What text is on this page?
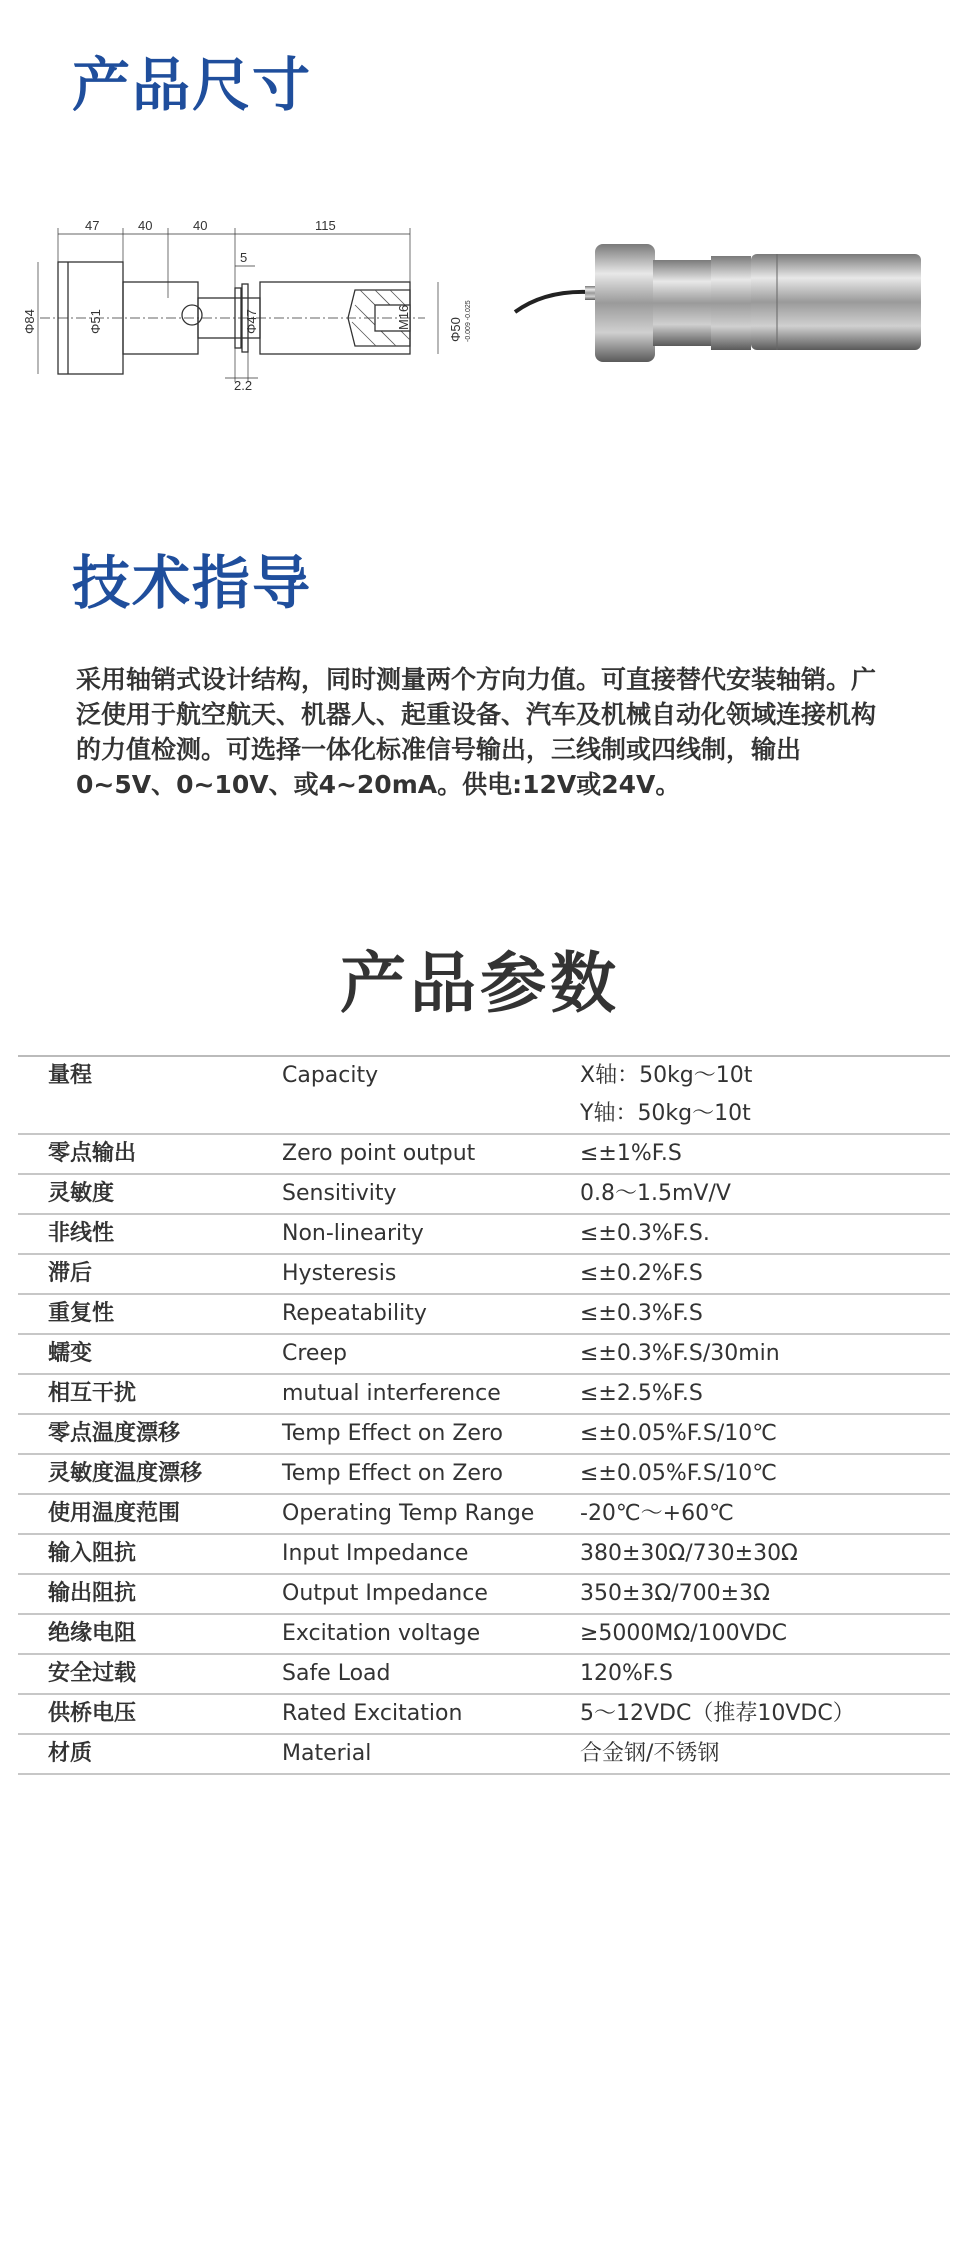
产品尺寸
47	40	40	115
5
2.2
Φ84	Φ51	Φ47	M16	Φ50 -0.009 -0.025
技术指导

采用轴销式设计结构，同时测量两个方向力值。可直接替代安装轴销。广泛使用于航空航天、机器人、起重设备、汽车及机械自动化领域连接机构的力值检测。可选择一体化标准信号输出，三线制或四线制，输出0~5V、0~10V、或4~20mA。供电:12V或24V。

产品参数
量程	Capacity	X轴：50kg～10t
Y轴：50kg～10t
零点输出	Zero point output	≤±1%F.S
灵敏度	Sensitivity	0.8～1.5mV/V
非线性	Non-linearity	≤±0.3%F.S.
滞后	Hysteresis	≤±0.2%F.S
重复性	Repeatability	≤±0.3%F.S
蠕变	Creep	≤±0.3%F.S/30min
相互干扰	mutual interference	≤±2.5%F.S
零点温度漂移	Temp Effect on Zero	≤±0.05%F.S/10℃
灵敏度温度漂移	Temp Effect on Zero	≤±0.05%F.S/10℃
使用温度范围	Operating Temp Range	-20℃～+60℃
输入阻抗	Input Impedance	380±30Ω/730±30Ω
输出阻抗	Output Impedance	350±3Ω/700±3Ω
绝缘电阻	Excitation voltage	≥5000MΩ/100VDC
安全过载	Safe Load	120%F.S
供桥电压	Rated Excitation	5～12VDC（推荐10VDC）
材质	Material	合金钢/不锈钢
